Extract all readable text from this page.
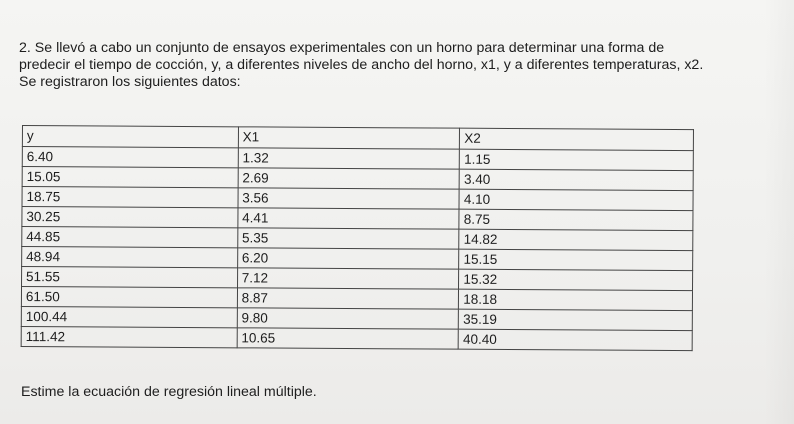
2. Se llevó a cabo un conjunto de ensayos experimentales con un horno para determinar una forma de
predecir el tiempo de cocción, y, a diferentes niveles de ancho del horno, x1, y a diferentes temperaturas, x2.
Se registraron los siguientes datos:

y	X1	X2
6.40	1.32	1.15
15.05	2.69	3.40
18.75	3.56	4.10
30.25	4.41	8.75
44.85	5.35	14.82
48.94	6.20	15.15
51.55	7.12	15.32
61.50	8.87	18.18
100.44	9.80	35.19
111.42	10.65	40.40

Estime la ecuación de regresión lineal múltiple.
